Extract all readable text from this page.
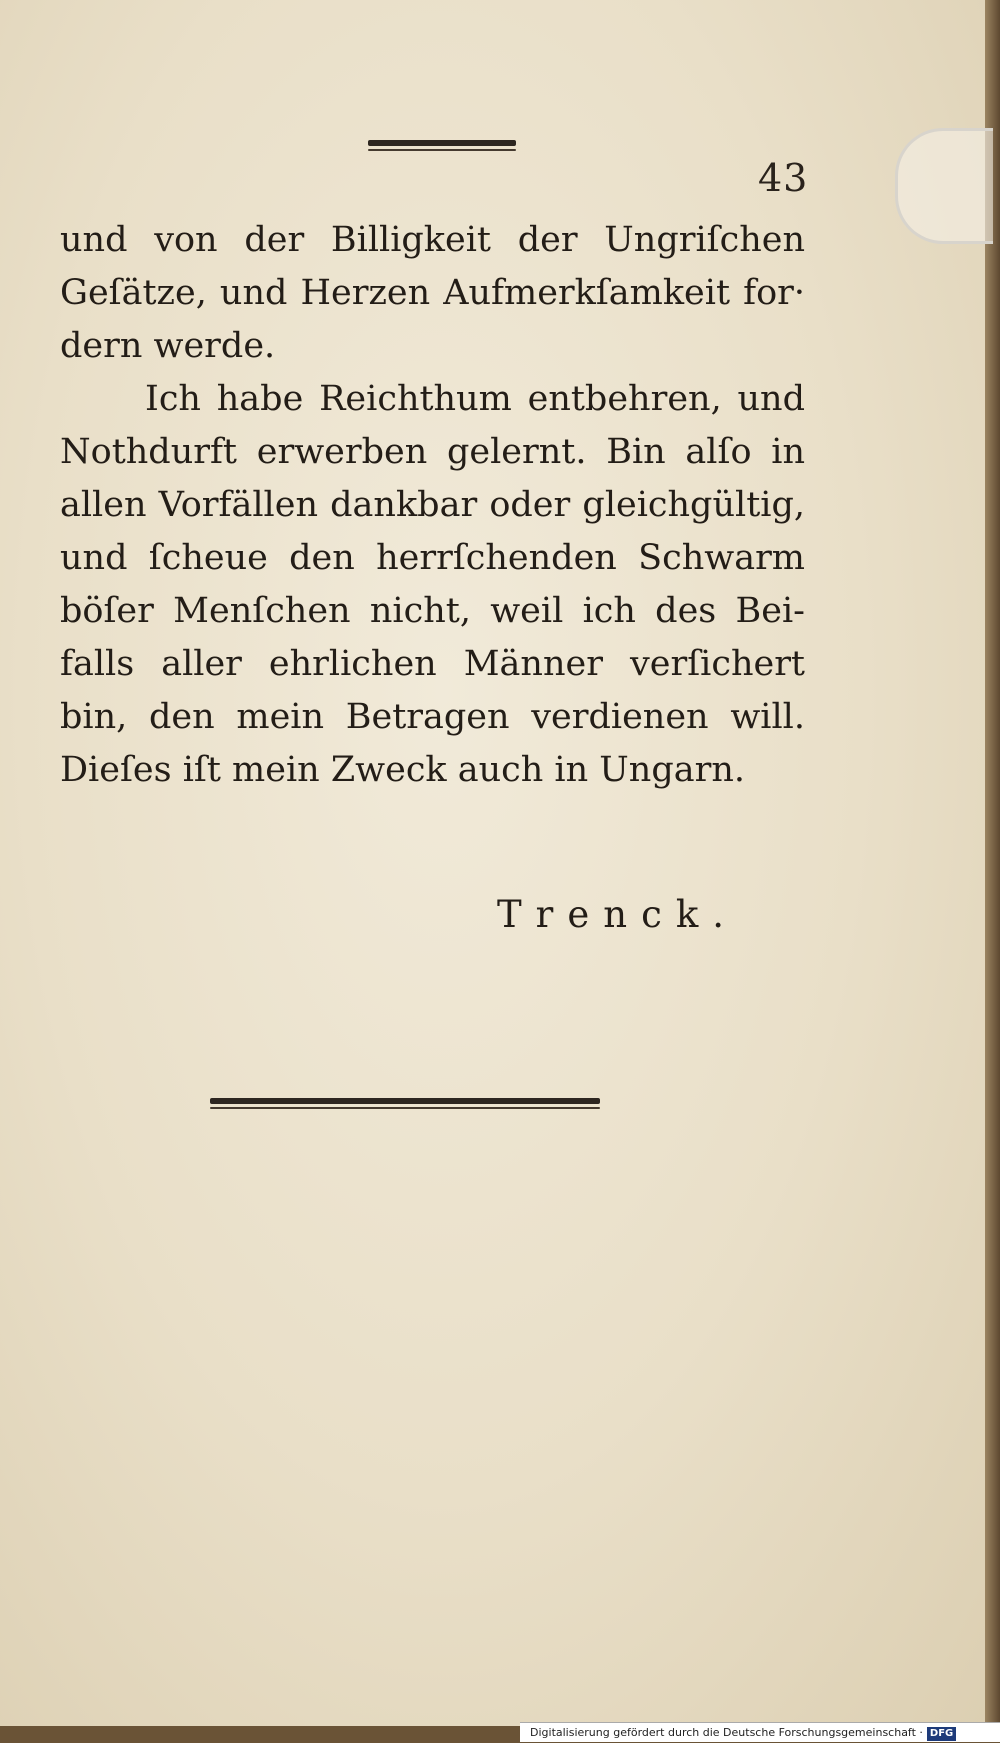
43

und von der Billigkeit der Ungriſchen

Geſätze, und Herzen Aufmerkſamkeit for·

dern werde.

Ich habe Reichthum entbehren, und

Nothdurft erwerben gelernt. Bin alſo in

allen Vorfällen dankbar oder gleichgültig,

und ſcheue den herrſchenden Schwarm

böſer Menſchen nicht, weil ich des Bei-

falls aller ehrlichen Männer verſichert

bin, den mein Betragen verdienen will.

Dieſes iſt mein Zweck auch in Ungarn.

Trenck.
Digitalisierung gefördert durch die Deutsche Forschungsgemeinschaft · DFG
